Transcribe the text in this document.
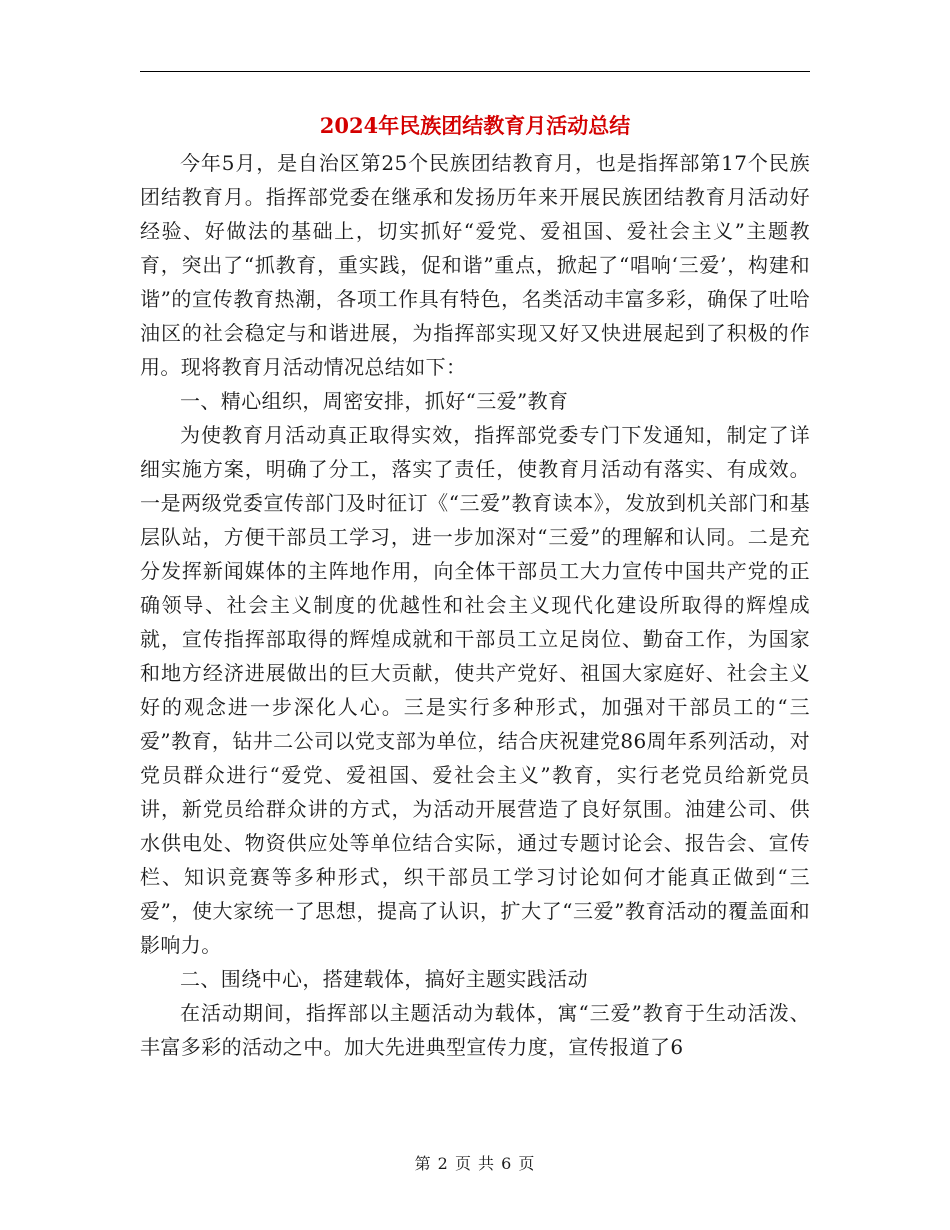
2024年民族团结教育月活动总结

今年5月，是自治区第25个民族团结教育月，也是指挥部第17个民族团结教育月。指挥部党委在继承和发扬历年来开展民族团结教育月活动好经验、好做法的基础上，切实抓好“爱党、爱祖国、爱社会主义”主题教育，突出了“抓教育，重实践，促和谐”重点，掀起了“唱响‘三爱’，构建和谐”的宣传教育热潮，各项工作具有特色，名类活动丰富多彩，确保了吐哈油区的社会稳定与和谐进展，为指挥部实现又好又快进展起到了积极的作用。现将教育月活动情况总结如下：

一、精心组织，周密安排，抓好“三爱”教育

为使教育月活动真正取得实效，指挥部党委专门下发通知，制定了详细实施方案，明确了分工，落实了责任，使教育月活动有落实、有成效。一是两级党委宣传部门及时征订《“三爱”教育读本》，发放到机关部门和基层队站，方便干部员工学习，进一步加深对“三爱”的理解和认同。二是充分发挥新闻媒体的主阵地作用，向全体干部员工大力宣传中国共产党的正确领导、社会主义制度的优越性和社会主义现代化建设所取得的辉煌成就，宣传指挥部取得的辉煌成就和干部员工立足岗位、勤奋工作，为国家和地方经济进展做出的巨大贡献，使共产党好、祖国大家庭好、社会主义好的观念进一步深化人心。三是实行多种形式，加强对干部员工的“三爱”教育，钻井二公司以党支部为单位，结合庆祝建党86周年系列活动，对党员群众进行“爱党、爱祖国、爱社会主义”教育，实行老党员给新党员讲，新党员给群众讲的方式，为活动开展营造了良好氛围。油建公司、供水供电处、物资供应处等单位结合实际，通过专题讨论会、报告会、宣传栏、知识竞赛等多种形式，织干部员工学习讨论如何才能真正做到“三爱”，使大家统一了思想，提高了认识，扩大了“三爱”教育活动的覆盖面和影响力。

二、围绕中心，搭建载体，搞好主题实践活动

在活动期间，指挥部以主题活动为载体，寓“三爱”教育于生动活泼、丰富多彩的活动之中。加大先进典型宣传力度，宣传报道了6

第 2 页 共 6 页
